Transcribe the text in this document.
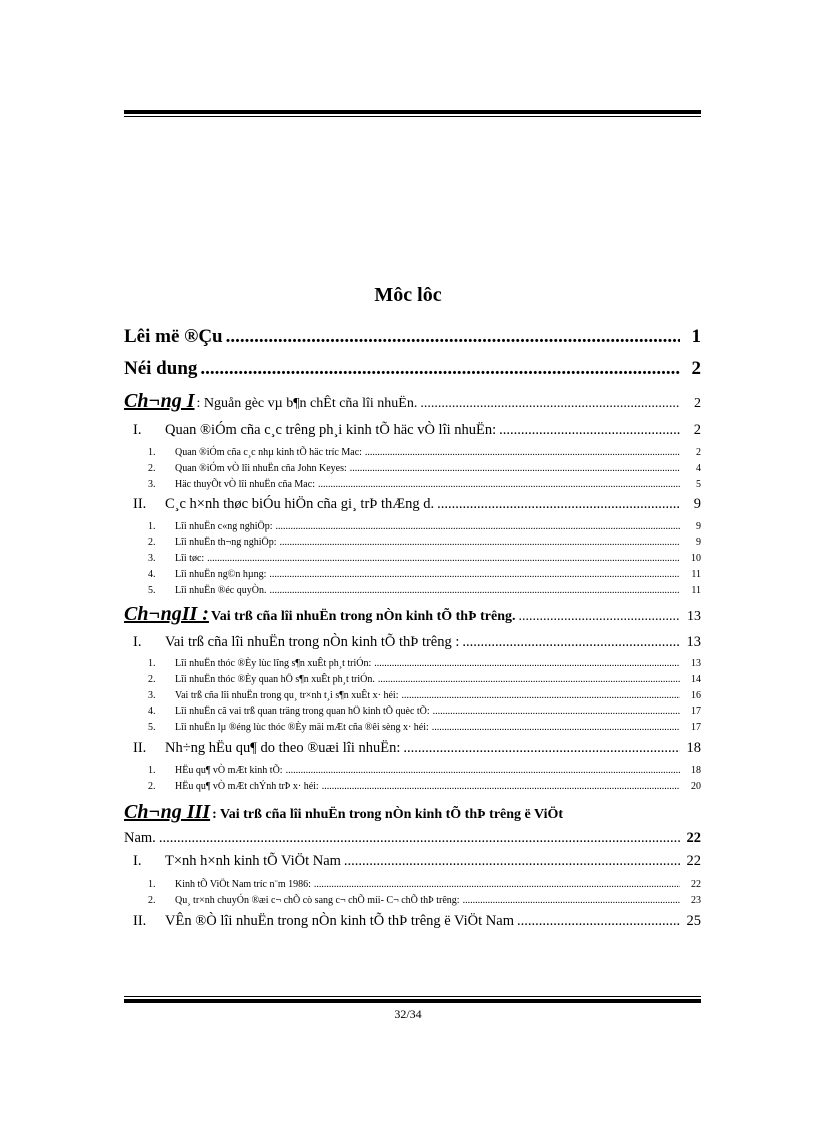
Môc lôc
Lêi më ®Çu .....	1
Néi dung .....	2
Ch¬ng I : Nguån gèc vµ b¶n chÊt cña lîi nhuËn. .....	2
I.	Quan ®iÓm cña c¸c trêng ph¸i kinh tÕ häc vÒ lîi nhuËn: .....	2
1.	Quan ®iÓm cña c¸c nhµ kinh tÕ häc tríc Mac: .....	2
2.	Quan ®iÓm vÒ lîi nhuËn cña John Keyes: .....	4
3.	Häc thuyÕt vÒ lîi nhuËn cña Mac: .....	5
II.	C¸c h×nh thøc biÓu hiÖn cña gi¸ trÞ thÆng d. .....	9
1.	Lîi nhuËn c«ng nghiÖp: .....	9
2.	Lîi nhuËn th¬ng nghiÖp: .....	9
3.	Lîi tøc: .....	10
4.	Lîi nhuËn ng©n hµng: .....	11
5.	Lîi nhuËn ®éc quyÒn. .....	11
Ch¬ngII : Vai trß cña lîi nhuËn trong nÒn kinh tÕ thÞ trêng. .....	13
I.	Vai trß cña lîi nhuËn trong nÒn kinh tÕ thÞ trêng : .....	13
1.	Lîi nhuËn thóc ®Èy lùc lîng s¶n xuÊt ph¸t triÓn: .....	13
2.	Lîi nhuËn thóc ®Èy quan hÖ s¶n xuÊt ph¸t triÓn. .....	14
3.	Vai trß cña lîi nhuËn trong qu¸ tr×nh t¸i s¶n xuÊt x· héi: .....	16
4.	Lîi nhuËn cã vai trß quan träng trong quan hÖ kinh tÕ quèc tÕ: .....	17
5.	Lîi nhuËn lµ ®éng lùc thóc ®Èy mäi mÆt cña ®êi sèng x· héi: .....	17
II.	Nh÷ng hËu qu¶ do theo ®uæi lîi nhuËn: .....	18
1.	HËu qu¶ vÒ mÆt kinh tÕ: .....	18
2.	HËu qu¶ vÒ mÆt chÝnh trÞ x· héi: .....	20
Ch¬ng III : Vai trß cña lîi nhuËn trong nÒn kinh tÕ thÞ trêng ë ViÖt
Nam. .....	22
I.	T×nh h×nh kinh tÕ ViÖt Nam .....	22
1.	Kinh tÕ ViÖt Nam tríc n¨m 1986: .....	22
2.	Qu¸ tr×nh chuyÓn ®æi c¬ chÕ cò sang c¬ chÕ míi- C¬ chÕ thÞ trêng: .....	23
II.	VÊn ®Ò lîi nhuËn trong nÒn kinh tÕ thÞ trêng ë ViÖt Nam .....	25
32/34
